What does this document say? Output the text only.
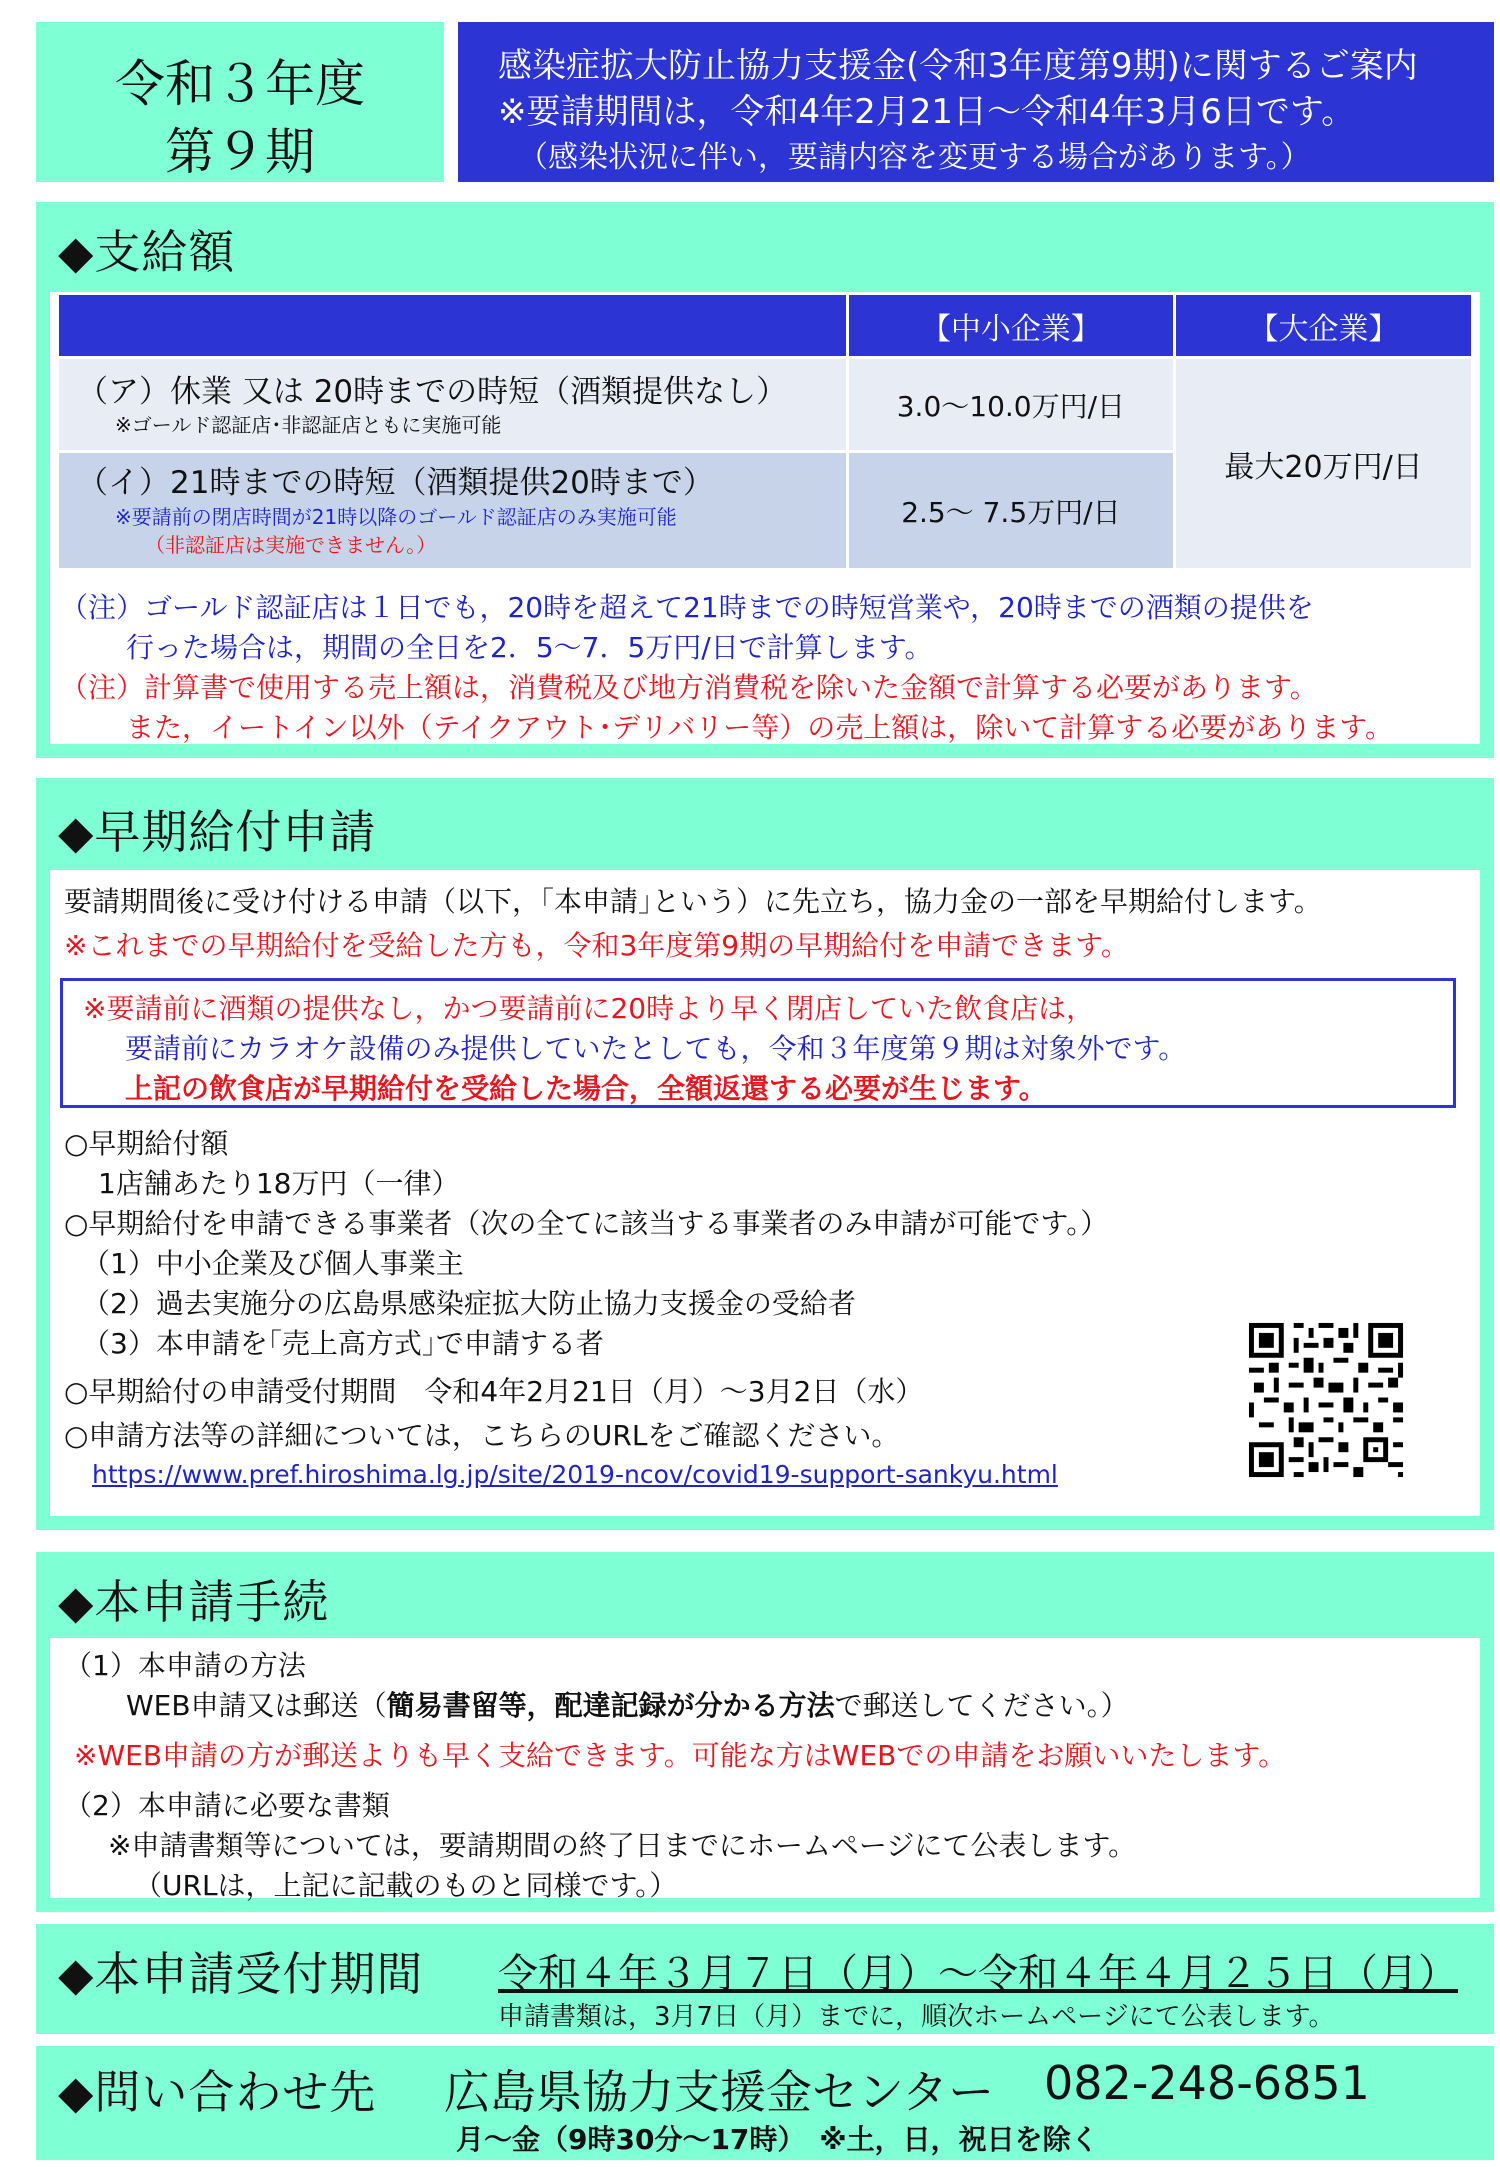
令和３年度
第９期
感染症拡大防止協力支援金(令和3年度第9期)に関するご案内
※要請期間は，令和4年2月21日～令和4年3月6日です。
（感染状況に伴い，要請内容を変更する場合があります。）
◆支給額
	【中小企業】	【大企業】

（ア）休業 又は 20時までの時短（酒類提供なし）
※ゴールド認証店･非認証店ともに実施可能	3.0～10.0万円/日	最大20万円/日

（イ）21時までの時短（酒類提供20時まで）
※要請前の閉店時間が21時以降のゴールド認証店のみ実施可能
（非認証店は実施できません。）	2.5～ 7.5万円/日	
（注）ゴールド認証店は１日でも，20時を超えて21時までの時短営業や，20時までの酒類の提供を
行った場合は，期間の全日を2．5～7．5万円/日で計算します。
（注）計算書で使用する売上額は，消費税及び地方消費税を除いた金額で計算する必要があります。
また，イートイン以外（テイクアウト･デリバリー等）の売上額は，除いて計算する必要があります。
◆早期給付申請
要請期間後に受け付ける申請（以下，｢本申請｣という）に先立ち，協力金の一部を早期給付します。
※これまでの早期給付を受給した方も，令和3年度第9期の早期給付を申請できます。
※要請前に酒類の提供なし，かつ要請前に20時より早く閉店していた飲食店は，
要請前にカラオケ設備のみ提供していたとしても，令和３年度第９期は対象外です。
上記の飲食店が早期給付を受給した場合，全額返還する必要が生じます。
○早期給付額
1店舗あたり18万円（一律）
○早期給付を申請できる事業者（次の全てに該当する事業者のみ申請が可能です。）
（1）中小企業及び個人事業主
（2）過去実施分の広島県感染症拡大防止協力支援金の受給者
（3）本申請を｢売上高方式｣で申請する者
○早期給付の申請受付期間　令和4年2月21日（月）～3月2日（水）
○申請方法等の詳細については，こちらのURLをご確認ください。
https://www.pref.hiroshima.lg.jp/site/2019-ncov/covid19-support-sankyu.html
◆本申請手続
（1）本申請の方法
WEB申請又は郵送（簡易書留等，配達記録が分かる方法で郵送してください。）
※WEB申請の方が郵送よりも早く支給できます。可能な方はWEBでの申請をお願いいたします。
（2）本申請に必要な書類
※申請書類等については，要請期間の終了日までにホームページにて公表します。
（URLは，上記に記載のものと同様です。）
◆本申請受付期間 令和４年３月７日（月）～令和４年４月２５日（月）
申請書類は，3月7日（月）までに，順次ホームページにて公表します。
◆問い合わせ先 広島県協力支援金センター 082-248-6851
月～金（9時30分～17時）　※土，日，祝日を除く
